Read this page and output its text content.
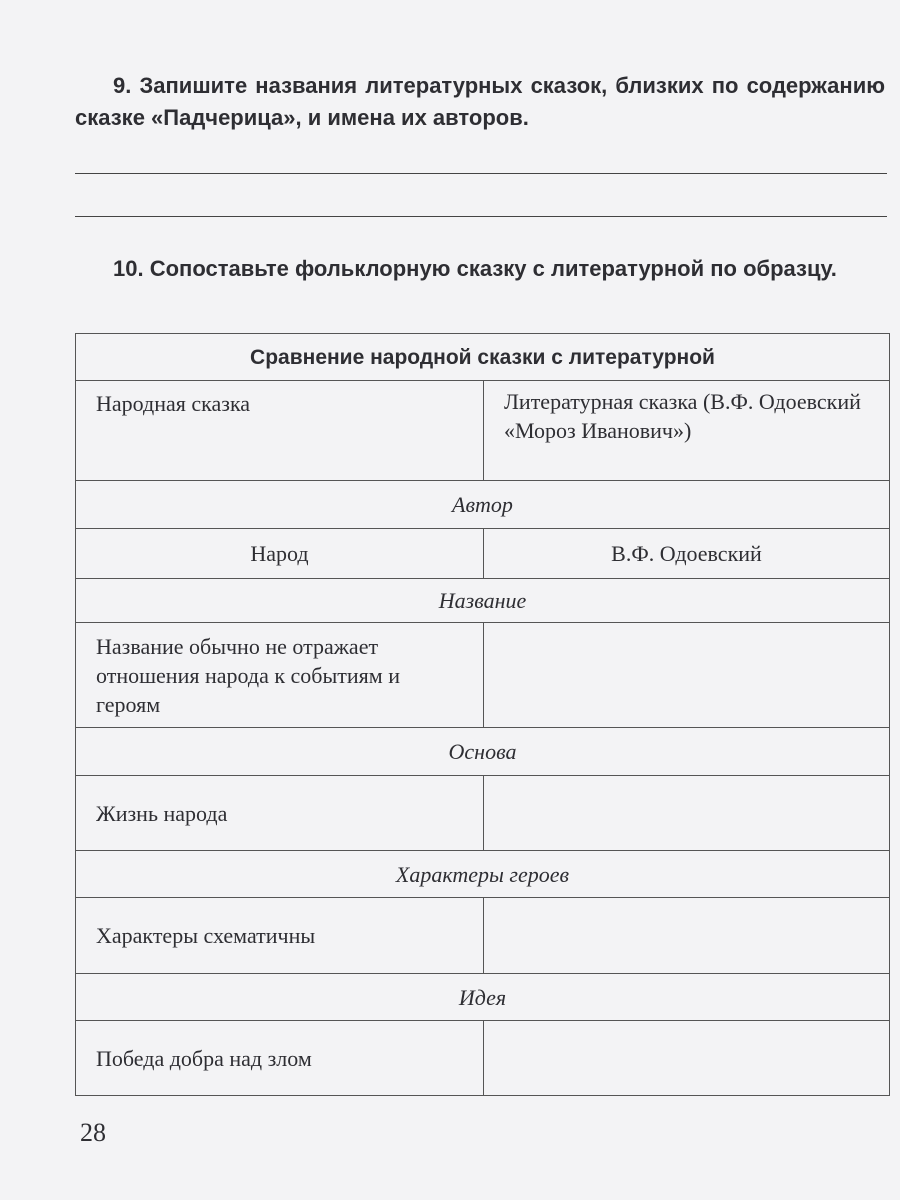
9. Запишите названия литературных сказок, близких по содержанию сказке «Падчерица», и имена их авторов.
10. Сопоставьте фольклорную сказку с литературной по образцу.
Сравнение народной сказки с литературной	
Народная сказка	Литературная сказка (В.Ф. Одоевский «Мороз Иванович»)
Автор	
Народ	В.Ф. Одоевский
Название	
Название обычно не отражает отношения народа к событиям и героям	
Основа	
Жизнь народа	
Характеры героев	
Характеры схематичны	
Идея	
Победа добра над злом	
28
